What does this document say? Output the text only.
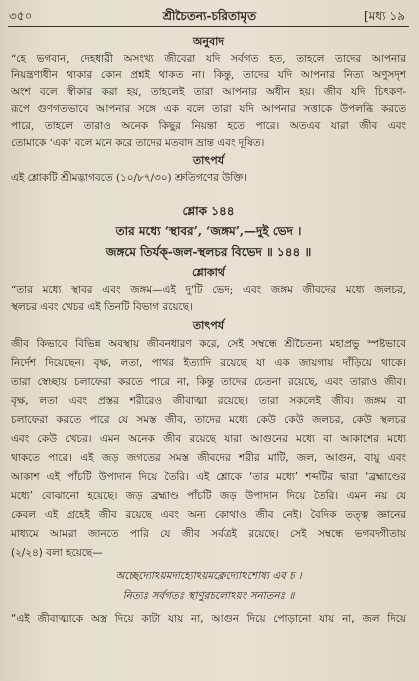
৩৫০	শ্রীচৈতন্য-চরিতামৃত	[মধ্য ১৯
অনুবাদ
“হে ভগবান, দেহধারী অসংখ্য জীবেরা যদি সর্বগত হত, তাহলে তাদের আপনার
নিয়ন্ত্রণাধীন থাকার কোন প্রশ্নই থাকত না। কিন্তু, তাদের যদি আপনার নিত্য অণুসদৃশ
অংশ বলে স্বীকার করা হয়, তাহলেই তারা আপনার অধীন হয়। জীব যদি চিৎকণ-
রূপে গুণগতভাবে আপনার সঙ্গে এক বলে তারা যদি আপনার সত্তাকে উপলব্ধি করতে
পারে, তাহলে তারাও অনেক কিছুর নিয়ন্তা হতে পারে। অতএব যারা জীব এবং
তোমাকে ‘এক’ বলে মনে করে তাদের মতবাদ ভ্রান্ত এবং দূষিত।
তাৎপর্য
এই শ্লোকটি শ্রীমদ্ভাগবতে (১০/৮৭/৩০) শ্রুতিগণের উক্তি।
শ্লোক ১৪৪
তার মধ্যে ‘স্থাবর’, ‘জঙ্গম’,—দুই ভেদ ।
জঙ্গমে তির্যক্-জল-স্থলচর বিভেদ ॥ ১৪৪ ॥
শ্লোকার্থ
“তার মধ্যে স্থাবর এবং জঙ্গম—এই দু'টি ভেদ; এবং জঙ্গম জীবদের মধ্যে জলচর,
স্থলচর এবং খেচর এই তিনটি বিভাগ রয়েছে।
তাৎপর্য
জীব কিভাবে বিভিন্ন অবস্থায় জীবনধারণ করে, সেই সম্বন্ধে শ্রীচৈতন্য মহাপ্রভু স্পষ্টভাবে
নির্দেশ দিয়েছেন। বৃক্ষ, লতা, পাথর ইত্যাদি রয়েছে যা এক জায়গায় দাঁড়িয়ে থাকে।
তারা স্বেচ্ছায় চলাফেরা করতে পারে না, কিন্তু তাদের চেতনা রয়েছে, এবং তারাও জীব।
বৃক্ষ, লতা এবং প্রস্তর শরীরেও জীবাত্মা রয়েছে। তারা সকলেই জীব। জঙ্গম বা
চলাফেরা করতে পারে যে সমস্ত জীব, তাদের মধ্যে কেউ কেউ জলচর, কেউ স্থলচর
এবং কেউ খেচর। এমন অনেক জীব রয়েছে যারা আগুনের মধ্যে বা আকাশের মধ্যে
থাকতে পারে। এই জড় জগতের সমস্ত জীবদের শরীর মাটি, জল, আগুন, বায়ু এবং
আকাশ এই পাঁচটি উপাদান দিয়ে তৈরি। এই শ্লোকে ‘তার মধ্যে’ শব্দটির দ্বারা ‘ব্রহ্মাণ্ডের
মধ্যে’ বোঝানো হয়েছে। জড় ব্রহ্মাণ্ড পাঁচটি জড় উপাদান দিয়ে তৈরি। এমন নয় যে
কেবল এই গ্রহেই জীব রয়েছে এবং অন্য কোথাও জীব নেই। বৈদিক তত্ত্ব জ্ঞানের
মাধ্যমে আমরা জানতে পারি যে জীব সর্বত্রই রয়েছে। সেই সম্বন্ধে ভগবদ্গীতায়
(২/২৪) বলা হয়েছে—
অচ্ছেদ্যোঽয়মদাহ্যোঽয়মক্লেদ্যোঽশোষ্য এব চ ।
নিত্যঃ সর্বগতঃ স্থাণুরচলোঽয়ং সনাতনঃ ॥
“এই জীবাত্মাকে অস্ত্র দিয়ে কাটা যায় না, আগুন দিয়ে পোড়ানো যায় না, জল দিয়ে
